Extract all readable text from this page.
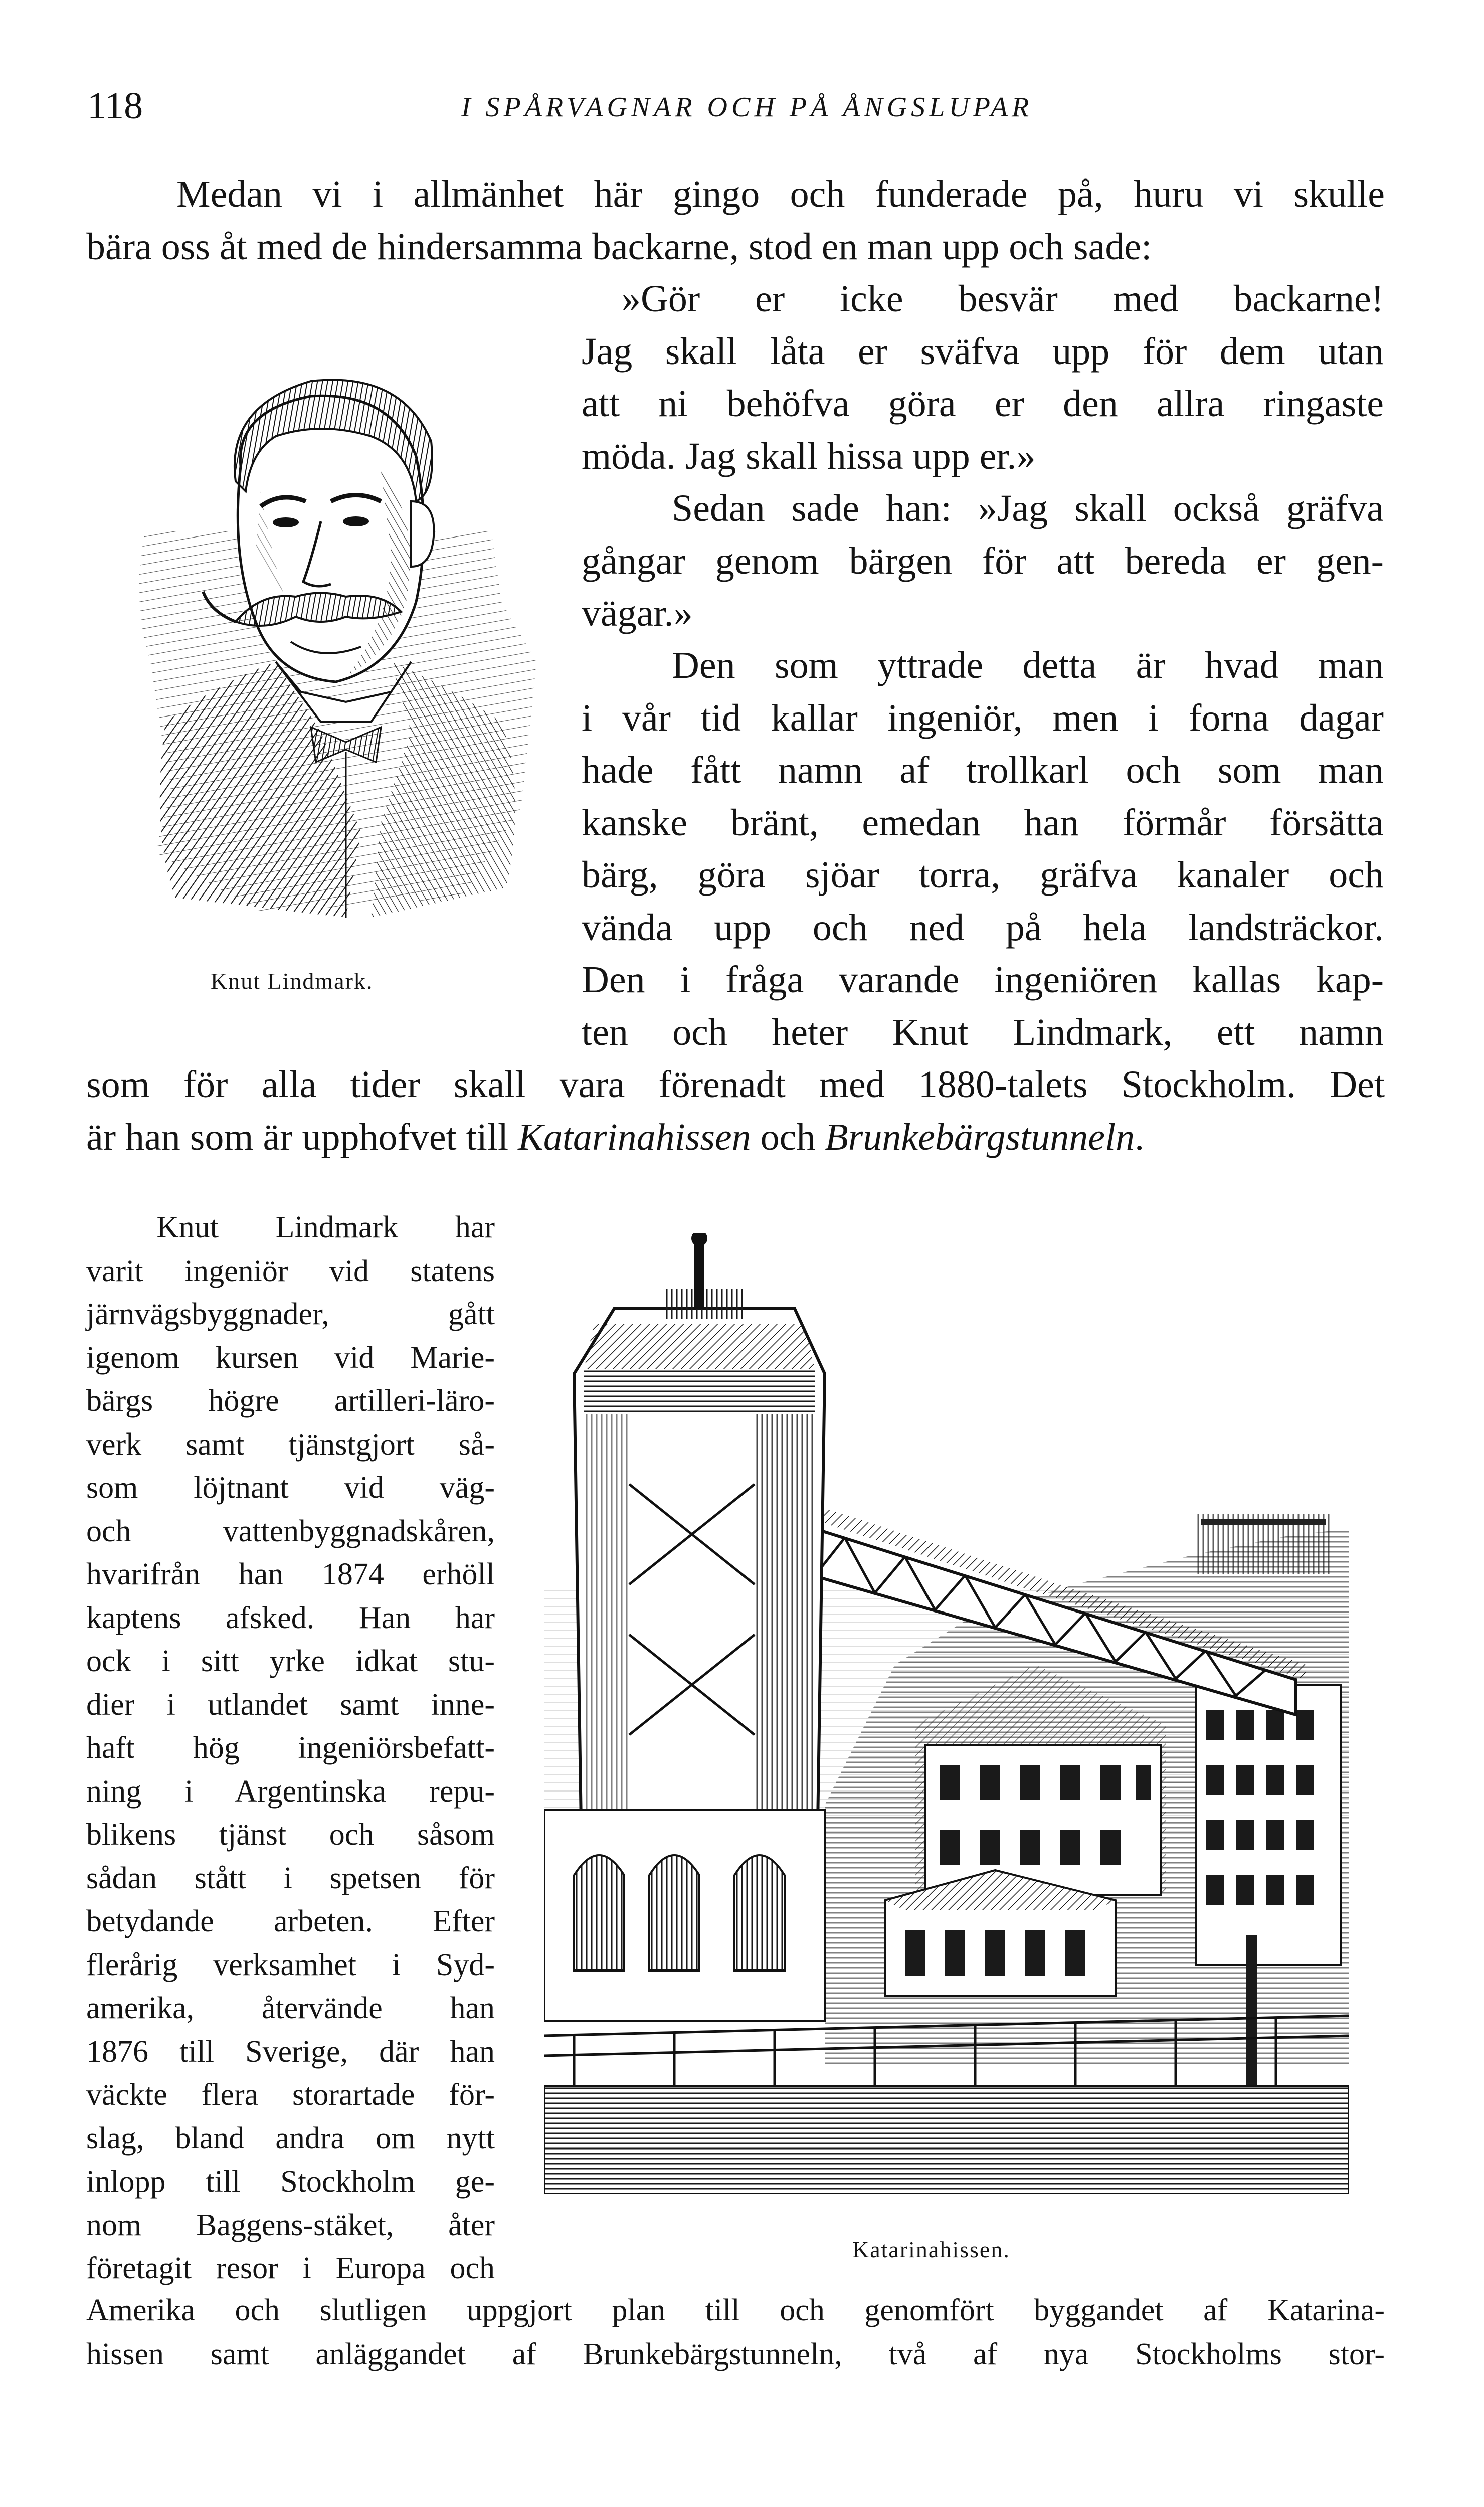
118	I SPÅRVAGNAR OCH PÅ ÅNGSLUPAR

Medan vi i allmänhet här gingo och funderade på, huru vi skulle
bära oss åt med de hindersamma backarne, stod en man upp och sade:

»Gör er icke besvär med backarne!
Jag skall låta er sväfva upp för dem utan
att ni behöfva göra er den allra ringaste
möda. Jag skall hissa upp er.»

Sedan sade han: »Jag skall också gräfva
gångar genom bärgen för att bereda er gen-
vägar.»

Den som yttrade detta är hvad man
i vår tid kallar ingeniör, men i forna dagar
hade fått namn af trollkarl och som man
kanske bränt, emedan han förmår försätta
bärg, göra sjöar torra, gräfva kanaler och
vända upp och ned på hela landsträckor.
Den i fråga varande ingeniören kallas kap-
ten och heter Knut Lindmark, ett namn

som för alla tider skall vara förenadt med 1880-talets Stockholm. Det
är han som är upphofvet till Katarinahissen och Brunkebärgstunneln.

Knut Lindmark.

Knut Lindmark har
varit ingeniör vid statens
järnvägsbyggnader, gått
igenom kursen vid Marie-
bärgs högre artilleri-läro-
verk samt tjänstgjort så-
som löjtnant vid väg-
och vattenbyggnadskåren,
hvarifrån han 1874 erhöll
kaptens afsked. Han har
ock i sitt yrke idkat stu-
dier i utlandet samt inne-
haft hög ingeniörsbefatt-
ning i Argentinska repu-
blikens tjänst och såsom
sådan stått i spetsen för
betydande arbeten. Efter
flerårig verksamhet i Syd-
amerika, återvände han
1876 till Sverige, där han
väckte flera storartade för-
slag, bland andra om nytt
inlopp till Stockholm ge-
nom Baggens-stäket, åter
företagit resor i Europa och

Katarinahissen.

Amerika och slutligen uppgjort plan till och genomfört byggandet af Katarina-
hissen samt anläggandet af Brunkebärgstunneln, två af nya Stockholms stor-
